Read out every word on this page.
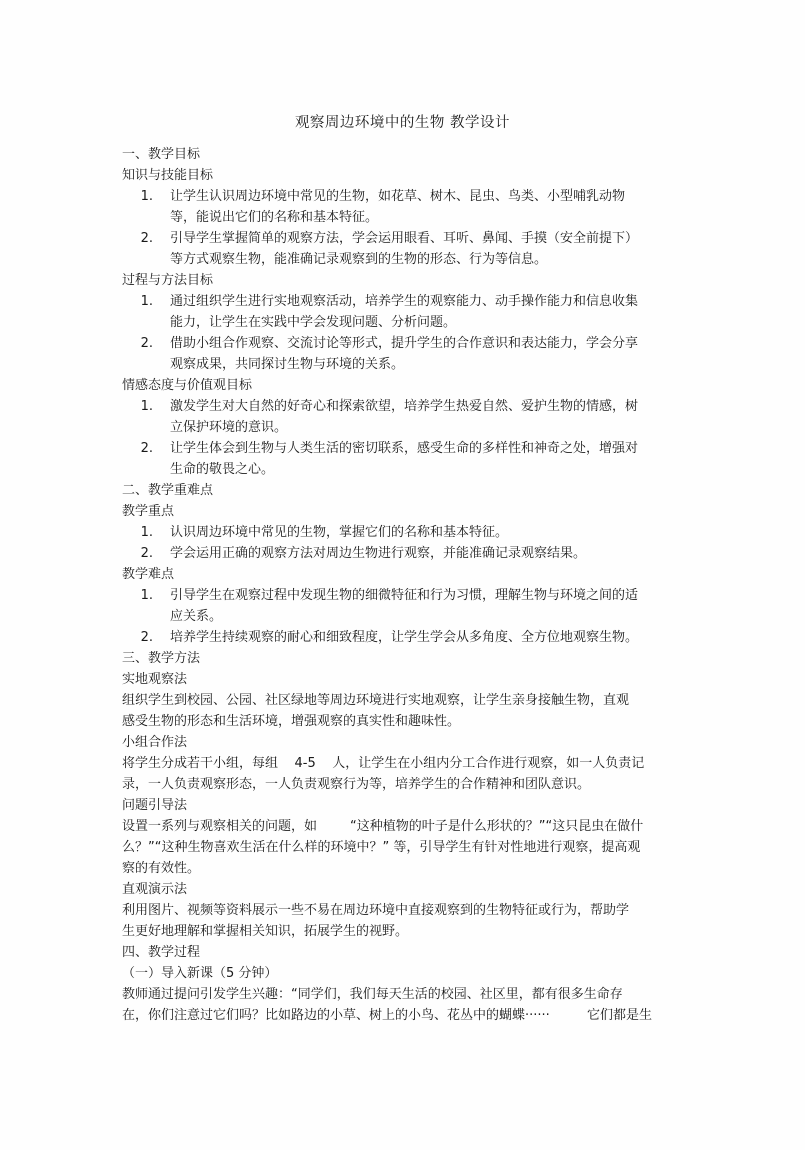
观察周边环境中的生物 教学设计

一、教学目标

知识与技能目标

1.	让学生认识周边环境中常见的生物，如花草、树木、昆虫、鸟类、小型哺乳动物
等，能说出它们的名称和基本特征。
2.	引导学生掌握简单的观察方法，学会运用眼看、耳听、鼻闻、手摸（安全前提下）
等方式观察生物，能准确记录观察到的生物的形态、行为等信息。

过程与方法目标

1.	通过组织学生进行实地观察活动，培养学生的观察能力、动手操作能力和信息收集
能力，让学生在实践中学会发现问题、分析问题。
2.	借助小组合作观察、交流讨论等形式，提升学生的合作意识和表达能力，学会分享
观察成果，共同探讨生物与环境的关系。

情感态度与价值观目标

1.	激发学生对大自然的好奇心和探索欲望，培养学生热爱自然、爱护生物的情感，树
立保护环境的意识。
2.	让学生体会到生物与人类生活的密切联系，感受生命的多样性和神奇之处，增强对
生命的敬畏之心。

二、教学重难点

教学重点

1.	认识周边环境中常见的生物，掌握它们的名称和基本特征。
2.	学会运用正确的观察方法对周边生物进行观察，并能准确记录观察结果。

教学难点

1.	引导学生在观察过程中发现生物的细微特征和行为习惯，理解生物与环境之间的适
应关系。
2.	培养学生持续观察的耐心和细致程度，让学生学会从多角度、全方位地观察生物。

三、教学方法

实地观察法

组织学生到校园、公园、社区绿地等周边环境进行实地观察，让学生亲身接触生物，直观
感受生物的形态和生活环境，增强观察的真实性和趣味性。

小组合作法

将学生分成若干小组，每组    4-5    人，让学生在小组内分工合作进行观察，如一人负责记
录，一人负责观察形态，一人负责观察行为等，培养学生的合作精神和团队意识。

问题引导法

设置一系列与观察相关的问题，如        “这种植物的叶子是什么形状的？”“这只昆虫在做什
么？”“这种生物喜欢生活在什么样的环境中？” 等，引导学生有针对性地进行观察，提高观
察的有效性。

直观演示法

利用图片、视频等资料展示一些不易在周边环境中直接观察到的生物特征或行为，帮助学
生更好地理解和掌握相关知识，拓展学生的视野。

四、教学过程

（一）导入新课（5 分钟）

教师通过提问引发学生兴趣：“同学们，我们每天生活的校园、社区里，都有很多生命存
在，你们注意过它们吗？比如路边的小草、树上的小鸟、花丛中的蝴蝶······         它们都是生
